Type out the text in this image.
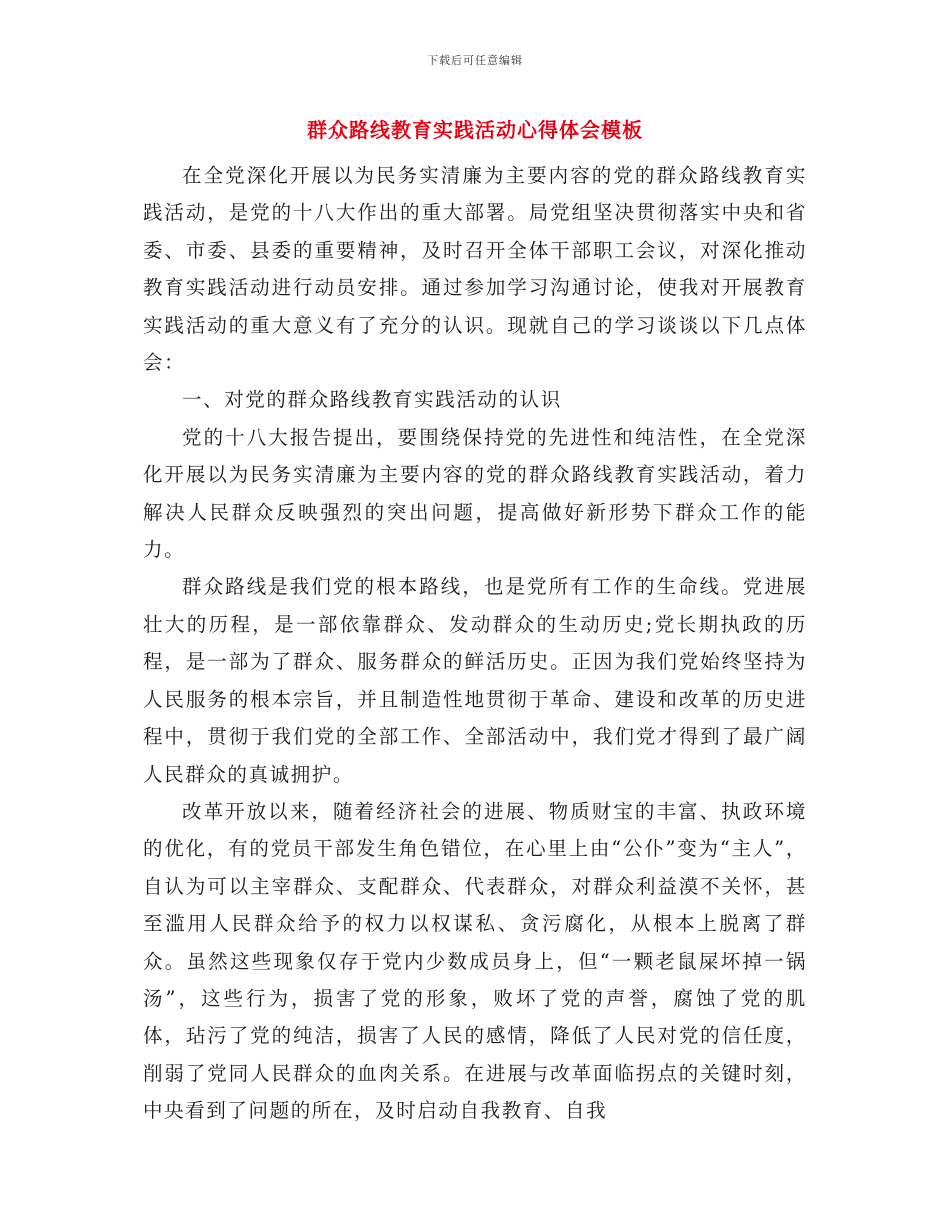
下载后可任意编辑
群众路线教育实践活动心得体会模板

在全党深化开展以为民务实清廉为主要内容的党的群众路线教育实践活动，是党的十八大作出的重大部署。局党组坚决贯彻落实中央和省委、市委、县委的重要精神，及时召开全体干部职工会议，对深化推动教育实践活动进行动员安排。通过参加学习沟通讨论，使我对开展教育实践活动的重大意义有了充分的认识。现就自己的学习谈谈以下几点体会：

一、对党的群众路线教育实践活动的认识

党的十八大报告提出，要围绕保持党的先进性和纯洁性，在全党深化开展以为民务实清廉为主要内容的党的群众路线教育实践活动，着力解决人民群众反映强烈的突出问题，提高做好新形势下群众工作的能力。

群众路线是我们党的根本路线，也是党所有工作的生命线。党进展壮大的历程，是一部依靠群众、发动群众的生动历史;党长期执政的历程，是一部为了群众、服务群众的鲜活历史。正因为我们党始终坚持为人民服务的根本宗旨，并且制造性地贯彻于革命、建设和改革的历史进程中，贯彻于我们党的全部工作、全部活动中，我们党才得到了最广阔人民群众的真诚拥护。

改革开放以来，随着经济社会的进展、物质财宝的丰富、执政环境的优化，有的党员干部发生角色错位，在心里上由“公仆”变为“主人”，自认为可以主宰群众、支配群众、代表群众，对群众利益漠不关怀，甚至滥用人民群众给予的权力以权谋私、贪污腐化，从根本上脱离了群众。虽然这些现象仅存于党内少数成员身上，但“一颗老鼠屎坏掉一锅汤”，这些行为，损害了党的形象，败坏了党的声誉，腐蚀了党的肌体，玷污了党的纯洁，损害了人民的感情，降低了人民对党的信任度，削弱了党同人民群众的血肉关系。在进展与改革面临拐点的关键时刻，中央看到了问题的所在，及时启动自我教育、自我
